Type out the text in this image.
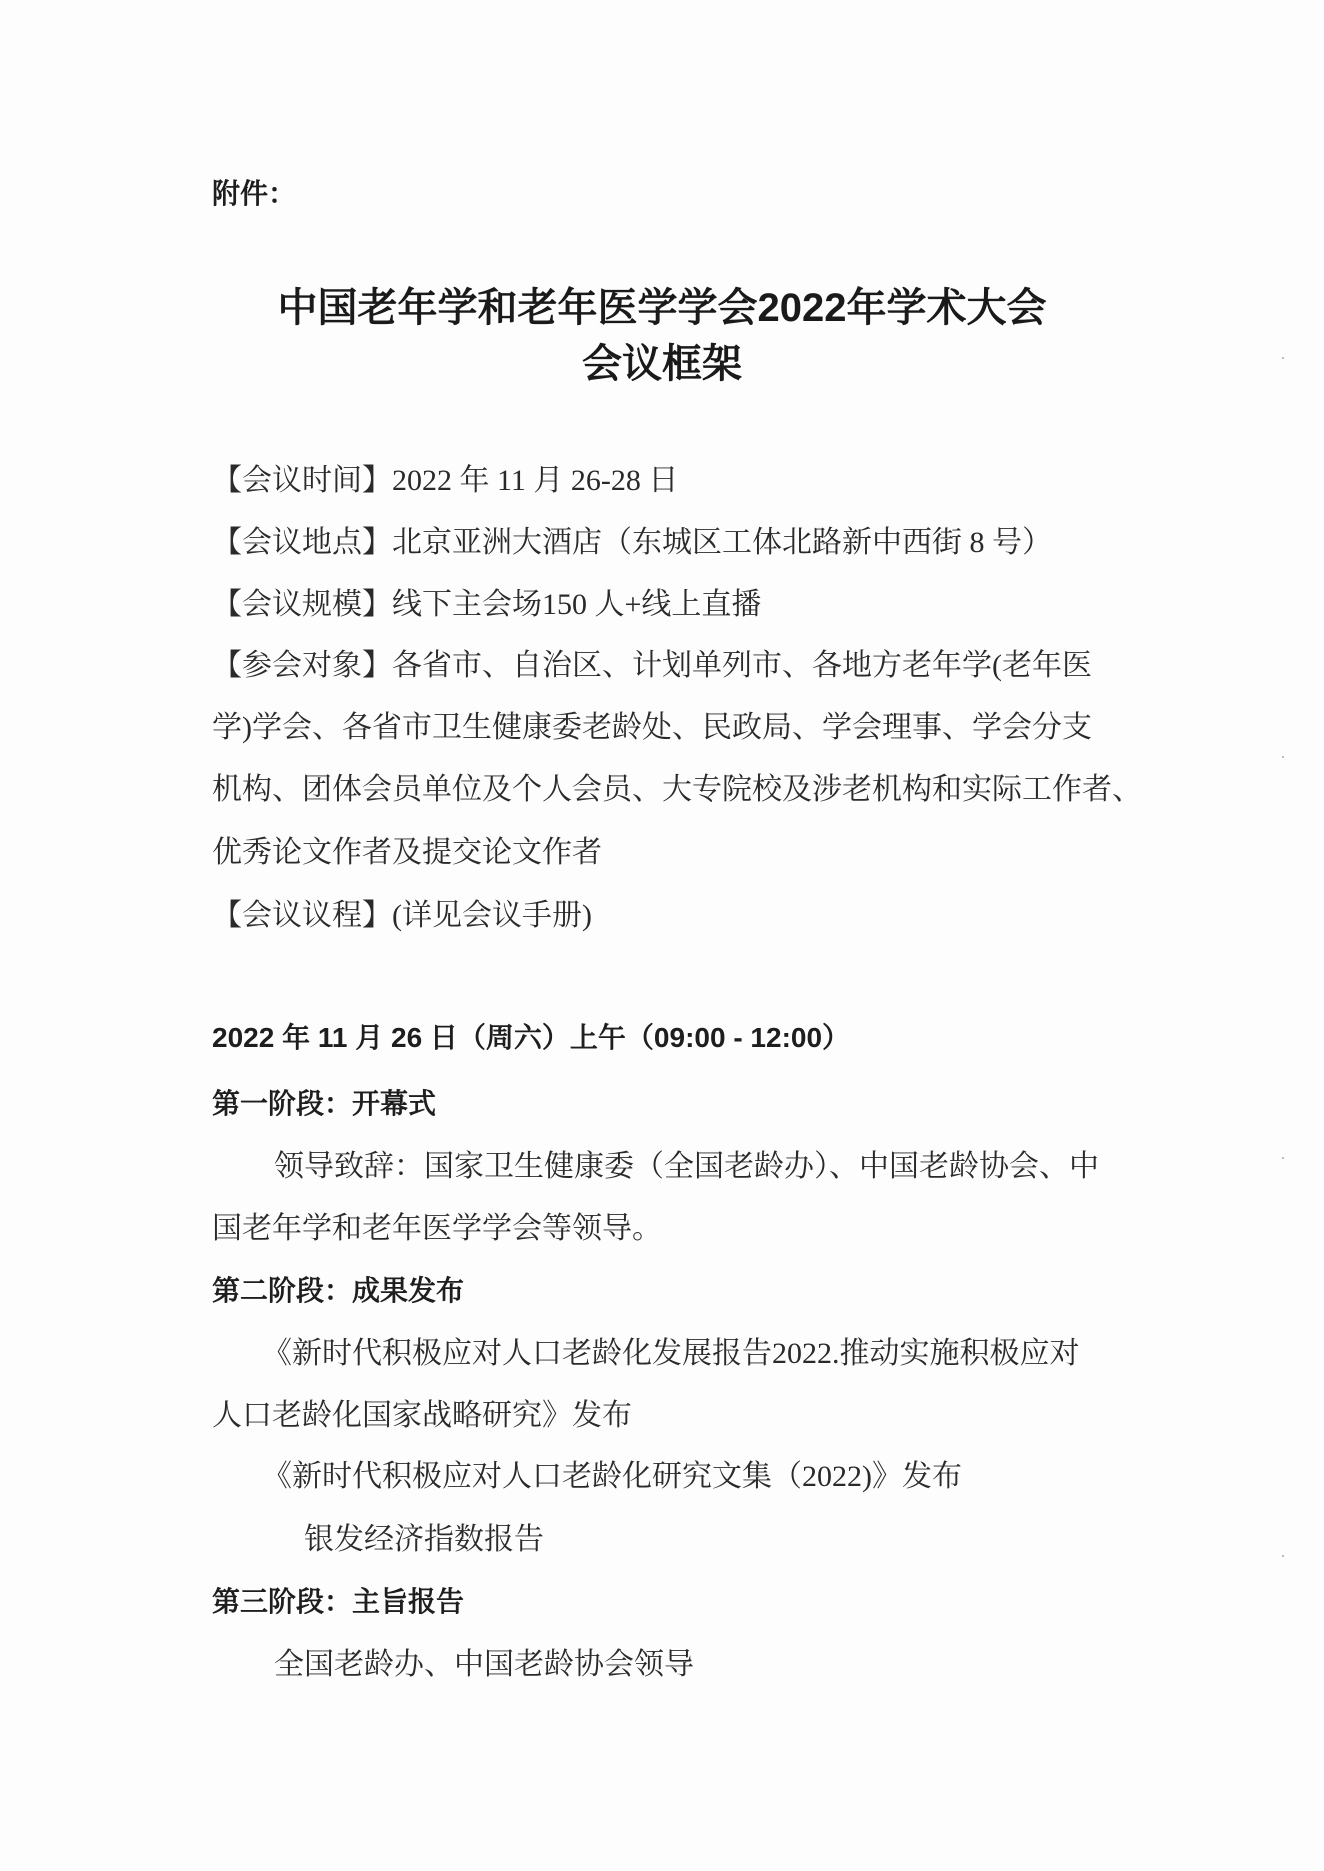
附件：
中国老年学和老年医学学会2022年学术大会
会议框架
【会议时间】2022 年 11 月 26-28 日
【会议地点】北京亚洲大酒店（东城区工体北路新中西街 8 号）
【会议规模】线下主会场150 人+线上直播
【参会对象】各省市、自治区、计划单列市、各地方老年学(老年医
学)学会、各省市卫生健康委老龄处、民政局、学会理事、学会分支
机构、团体会员单位及个人会员、大专院校及涉老机构和实际工作者、
优秀论文作者及提交论文作者
【会议议程】(详见会议手册)
2022 年 11 月 26 日（周六）上午（09:00 - 12:00）
第一阶段：开幕式
领导致辞：国家卫生健康委（全国老龄办）、中国老龄协会、中
国老年学和老年医学学会等领导。
第二阶段：成果发布
《新时代积极应对人口老龄化发展报告2022.推动实施积极应对
人口老龄化国家战略研究》发布
《新时代积极应对人口老龄化研究文集（2022)》发布
银发经济指数报告
第三阶段：主旨报告
全国老龄办、中国老龄协会领导
